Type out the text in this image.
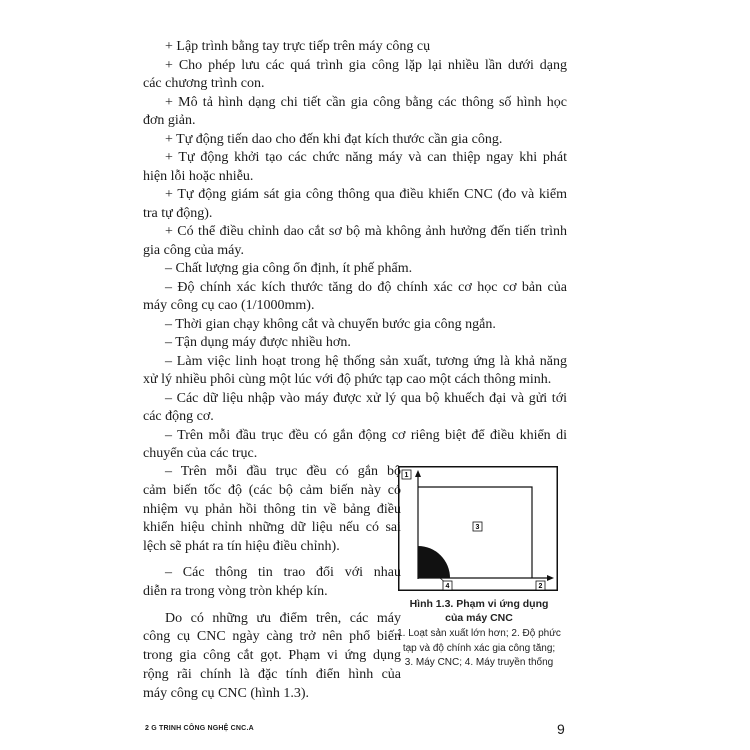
+ Lập trình bằng tay trực tiếp trên máy công cụ
+ Cho phép lưu các quá trình gia công lặp lại nhiều lần dưới dạng
các chương trình con.
+ Mô tả hình dạng chi tiết cần gia công bằng các thông số hình học
đơn giản.
+ Tự động tiến dao cho đến khi đạt kích thước cần gia công.
+ Tự động khởi tạo các chức năng máy và can thiệp ngay khi phát
hiện lỗi hoặc nhiễu.
+ Tự động giám sát gia công thông qua điều khiển CNC (đo và kiểm
tra tự động).
+ Có thể điều chỉnh dao cắt sơ bộ mà không ảnh hưởng đến tiến trình
gia công của máy.
– Chất lượng gia công ổn định, ít phế phẩm.
– Độ chính xác kích thước tăng do độ chính xác cơ học cơ bản của
máy công cụ cao (1/1000mm).
– Thời gian chạy không cắt và chuyển bước gia công ngắn.
– Tận dụng máy được nhiều hơn.
– Làm việc linh hoạt trong hệ thống sản xuất, tương ứng là khả năng
xử lý nhiều phôi cùng một lúc với độ phức tạp cao một cách thông minh.
– Các dữ liệu nhập vào máy được xử lý qua bộ khuếch đại và gửi tới
các động cơ.
– Trên mỗi đầu trục đều có gắn động cơ riêng biệt để điều khiển di
chuyển của các trục.
– Trên mỗi đầu trục đều có gắn bộ
cảm biến tốc độ (các bộ cảm biến này có
nhiệm vụ phản hồi thông tin về bảng điều
khiển hiệu chỉnh những dữ liệu nếu có sai
lệch sẽ phát ra tín hiệu điều chỉnh).
– Các thông tin trao đổi với nhau
diễn ra trong vòng tròn khép kín.
Do có những ưu điểm trên, các máy
công cụ CNC ngày càng trở nên phổ biến
trong gia công cắt gọt. Phạm vi ứng dụng
rộng rãi chính là đặc tính điển hình của
máy công cụ CNC (hình 1.3).
1
2
3
4
Hình 1.3. Phạm vi ứng dụng
của máy CNC
1. Loạt sản xuất lớn hơn; 2. Độ phức
tạp và độ chính xác gia công tăng;
3. Máy CNC; 4. Máy truyền thống
2 G TRINH CÔNG NGHỆ CNC.A	9
